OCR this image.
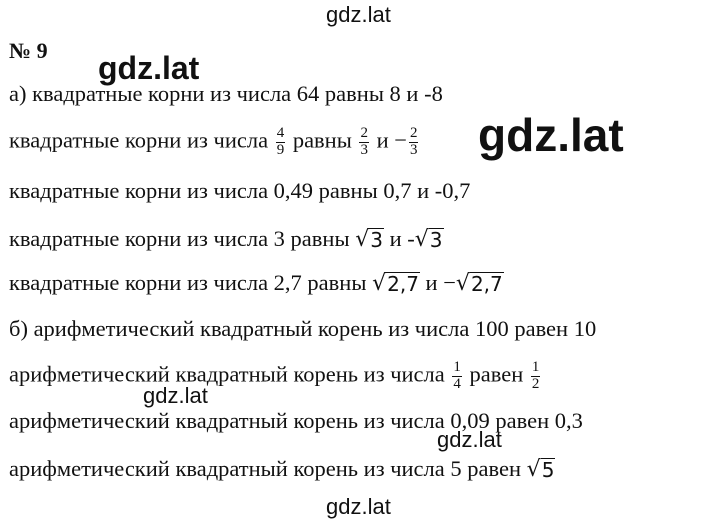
№ 9
а) квадратные корни из числа 64 равны 8 и -8
квадратные корни из числа $\frac{4}{9}$ равны $\frac{2}{3}$ $и - \frac{2}{3}$
квадратные корни из числа 0,49 равны 0,7 и -0,7
квадратные корни из числа 3 равны √ 3 и - √ 3
квадратные корни из числа 2,7 равны √ 2,7 и − √ 2,7
б) арифметический квадратный корень из числа 100 равен 10
арифметический квадратный корень из числа $\frac{1}{4}$ равен $\frac{1}{2}$
арифметический квадратный корень из числа 0,09 равен 0,3
арифметический квадратный корень из числа 5 равен √ 5
gdz.lat
gdz.lat
gdz.lat
gdz.lat
gdz.lat
gdz.lat
